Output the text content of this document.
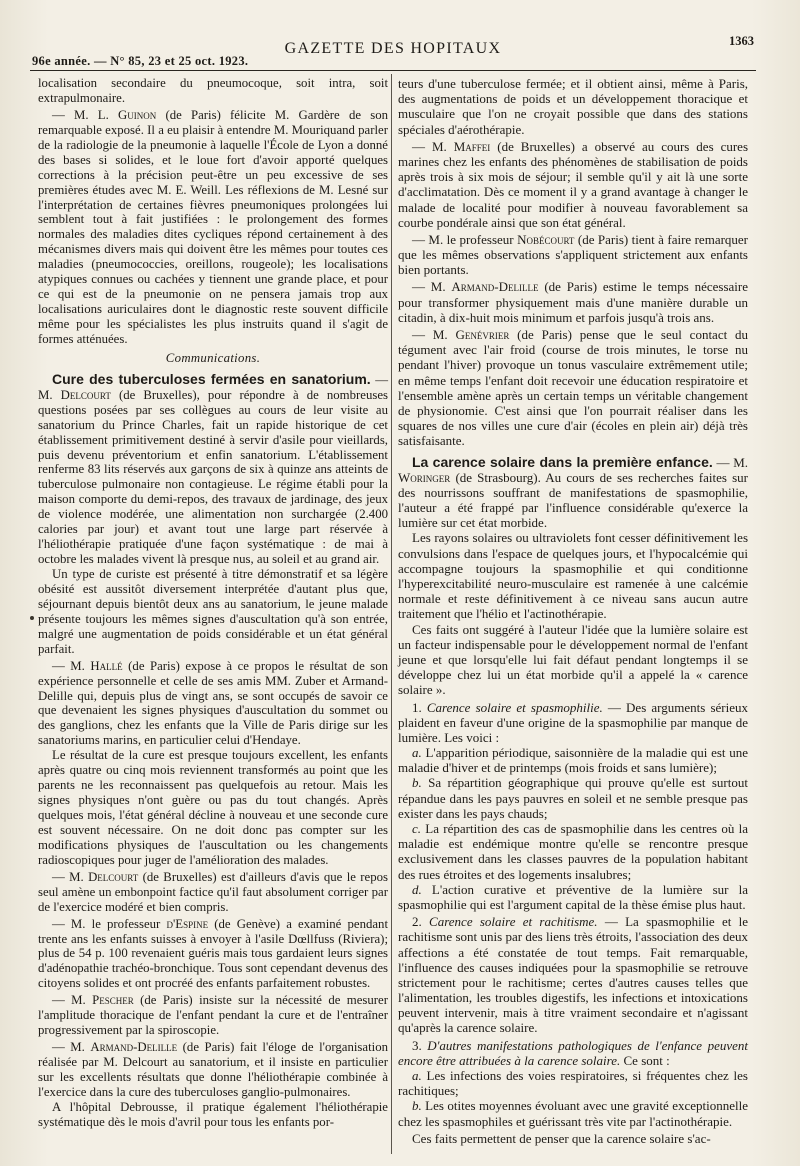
96e année. — N° 85, 23 et 25 oct. 1923.
GAZETTE DES HOPITAUX	1363

localisation secondaire du pneumocoque, soit intra, soit extrapulmonaire.

— M. L. Guinon (de Paris) félicite M. Gardère de son remarquable exposé. Il a eu plaisir à entendre M. Mouriquand parler de la radiologie de la pneumonie à laquelle l'École de Lyon a donné des bases si solides, et le loue fort d'avoir apporté quelques corrections à la précision peut-être un peu excessive de ses premières études avec M. E. Weill. Les réflexions de M. Lesné sur l'interprétation de certaines fièvres pneumoniques prolongées lui semblent tout à fait justifiées : le prolongement des formes normales des maladies dites cycliques répond certainement à des mécanismes divers mais qui doivent être les mêmes pour toutes ces maladies (pneumococcies, oreillons, rougeole); les localisations atypiques connues ou cachées y tiennent une grande place, et pour ce qui est de la pneumonie on ne pensera jamais trop aux localisations auriculaires dont le diagnostic reste souvent difficile même pour les spécialistes les plus instruits quand il s'agit de formes atténuées.

Communications.

Cure des tuberculoses fermées en sanatorium. — M. Delcourt (de Bruxelles), pour répondre à de nombreuses questions posées par ses collègues au cours de leur visite au sanatorium du Prince Charles, fait un rapide historique de cet établissement primitivement destiné à servir d'asile pour vieillards, puis devenu préventorium et enfin sanatorium. L'établissement renferme 83 lits réservés aux garçons de six à quinze ans atteints de tuberculose pulmonaire non contagieuse. Le régime établi pour la maison comporte du demi-repos, des travaux de jardinage, des jeux de violence modérée, une alimentation non surchargée (2.400 calories par jour) et avant tout une large part réservée à l'héliothérapie pratiquée d'une façon systématique : de mai à octobre les malades vivent là presque nus, au soleil et au grand air.

Un type de curiste est présenté à titre démonstratif et sa légère obésité est aussitôt diversement interprétée d'autant plus que, séjournant depuis bientôt deux ans au sanatorium, le jeune malade présente toujours les mêmes signes d'auscultation qu'à son entrée, malgré une augmentation de poids considérable et un état général parfait.

— M. Hallé (de Paris) expose à ce propos le résultat de son expérience personnelle et celle de ses amis MM. Zuber et Armand-Delille qui, depuis plus de vingt ans, se sont occupés de savoir ce que devenaient les signes physiques d'auscultation du sommet ou des ganglions, chez les enfants que la Ville de Paris dirige sur les sanatoriums marins, en particulier celui d'Hendaye.

Le résultat de la cure est presque toujours excellent, les enfants après quatre ou cinq mois reviennent transformés au point que les parents ne les reconnaissent pas quelquefois au retour. Mais les signes physiques n'ont guère ou pas du tout changés. Après quelques mois, l'état général décline à nouveau et une seconde cure est souvent nécessaire. On ne doit donc pas compter sur les modifications physiques de l'auscultation ou les changements radioscopiques pour juger de l'amélioration des malades.

— M. Delcourt (de Bruxelles) est d'ailleurs d'avis que le repos seul amène un embonpoint factice qu'il faut absolument corriger par de l'exercice modéré et bien compris.

— M. le professeur d'Espine (de Genève) a examiné pendant trente ans les enfants suisses à envoyer à l'asile Dœllfuss (Riviera); plus de 54 p. 100 revenaient guéris mais tous gardaient leurs signes d'adénopathie trachéo-bronchique. Tous sont cependant devenus des citoyens solides et ont procréé des enfants parfaitement robustes.

— M. Pescher (de Paris) insiste sur la nécessité de mesurer l'amplitude thoracique de l'enfant pendant la cure et de l'entraîner progressivement par la spiroscopie.

— M. Armand-Delille (de Paris) fait l'éloge de l'organisation réalisée par M. Delcourt au sanatorium, et il insiste en particulier sur les excellents résultats que donne l'héliothérapie combinée à l'exercice dans la cure des tuberculoses ganglio-pulmonaires.

A l'hôpital Debrousse, il pratique également l'héliothérapie systématique dès le mois d'avril pour tous les enfants por-

teurs d'une tuberculose fermée; et il obtient ainsi, même à Paris, des augmentations de poids et un développement thoracique et musculaire que l'on ne croyait possible que dans des stations spéciales d'aérothérapie.

— M. Maffei (de Bruxelles) a observé au cours des cures marines chez les enfants des phénomènes de stabilisation de poids après trois à six mois de séjour; il semble qu'il y ait là une sorte d'acclimatation. Dès ce moment il y a grand avantage à changer le malade de localité pour modifier à nouveau favorablement sa courbe pondérale ainsi que son état général.

— M. le professeur Nobécourt (de Paris) tient à faire remarquer que les mêmes observations s'appliquent strictement aux enfants bien portants.

— M. Armand-Delille (de Paris) estime le temps nécessaire pour transformer physiquement mais d'une manière durable un citadin, à dix-huit mois minimum et parfois jusqu'à trois ans.

— M. Genévrier (de Paris) pense que le seul contact du tégument avec l'air froid (course de trois minutes, le torse nu pendant l'hiver) provoque un tonus vasculaire extrêmement utile; en même temps l'enfant doit recevoir une éducation respiratoire et l'ensemble amène après un certain temps un véritable changement de physionomie. C'est ainsi que l'on pourrait réaliser dans les squares de nos villes une cure d'air (écoles en plein air) déjà très satisfaisante.

La carence solaire dans la première enfance. — M. Woringer (de Strasbourg). Au cours de ses recherches faites sur des nourrissons souffrant de manifestations de spasmophilie, l'auteur a été frappé par l'influence considérable qu'exerce la lumière sur cet état morbide.

Les rayons solaires ou ultraviolets font cesser définitivement les convulsions dans l'espace de quelques jours, et l'hypocalcémie qui accompagne toujours la spasmophilie et qui conditionne l'hyperexcitabilité neuro-musculaire est ramenée à une calcémie normale et reste définitivement à ce niveau sans aucun autre traitement que l'hélio et l'actinothérapie.

Ces faits ont suggéré à l'auteur l'idée que la lumière solaire est un facteur indispensable pour le développement normal de l'enfant jeune et que lorsqu'elle lui fait défaut pendant longtemps il se développe chez lui un état morbide qu'il a appelé la « carence solaire ».

1. Carence solaire et spasmophilie. — Des arguments sérieux plaident en faveur d'une origine de la spasmophilie par manque de lumière. Les voici :

a. L'apparition périodique, saisonnière de la maladie qui est une maladie d'hiver et de printemps (mois froids et sans lumière);

b. Sa répartition géographique qui prouve qu'elle est surtout répandue dans les pays pauvres en soleil et ne semble presque pas exister dans les pays chauds;

c. La répartition des cas de spasmophilie dans les centres où la maladie est endémique montre qu'elle se rencontre presque exclusivement dans les classes pauvres de la population habitant des rues étroites et des logements insalubres;

d. L'action curative et préventive de la lumière sur la spasmophilie qui est l'argument capital de la thèse émise plus haut.

2. Carence solaire et rachitisme. — La spasmophilie et le rachitisme sont unis par des liens très étroits, l'association des deux affections a été constatée de tout temps. Fait remarquable, l'influence des causes indiquées pour la spasmophilie se retrouve strictement pour le rachitisme; certes d'autres causes telles que l'alimentation, les troubles digestifs, les infections et intoxications peuvent intervenir, mais à titre vraiment secondaire et n'agissant qu'après la carence solaire.

3. D'autres manifestations pathologiques de l'enfance peuvent encore être attribuées à la carence solaire. Ce sont :

a. Les infections des voies respiratoires, si fréquentes chez les rachitiques;

b. Les otites moyennes évoluant avec une gravité exceptionnelle chez les spasmophiles et guérissant très vite par l'actinothérapie.

Ces faits permettent de penser que la carence solaire s'ac-
